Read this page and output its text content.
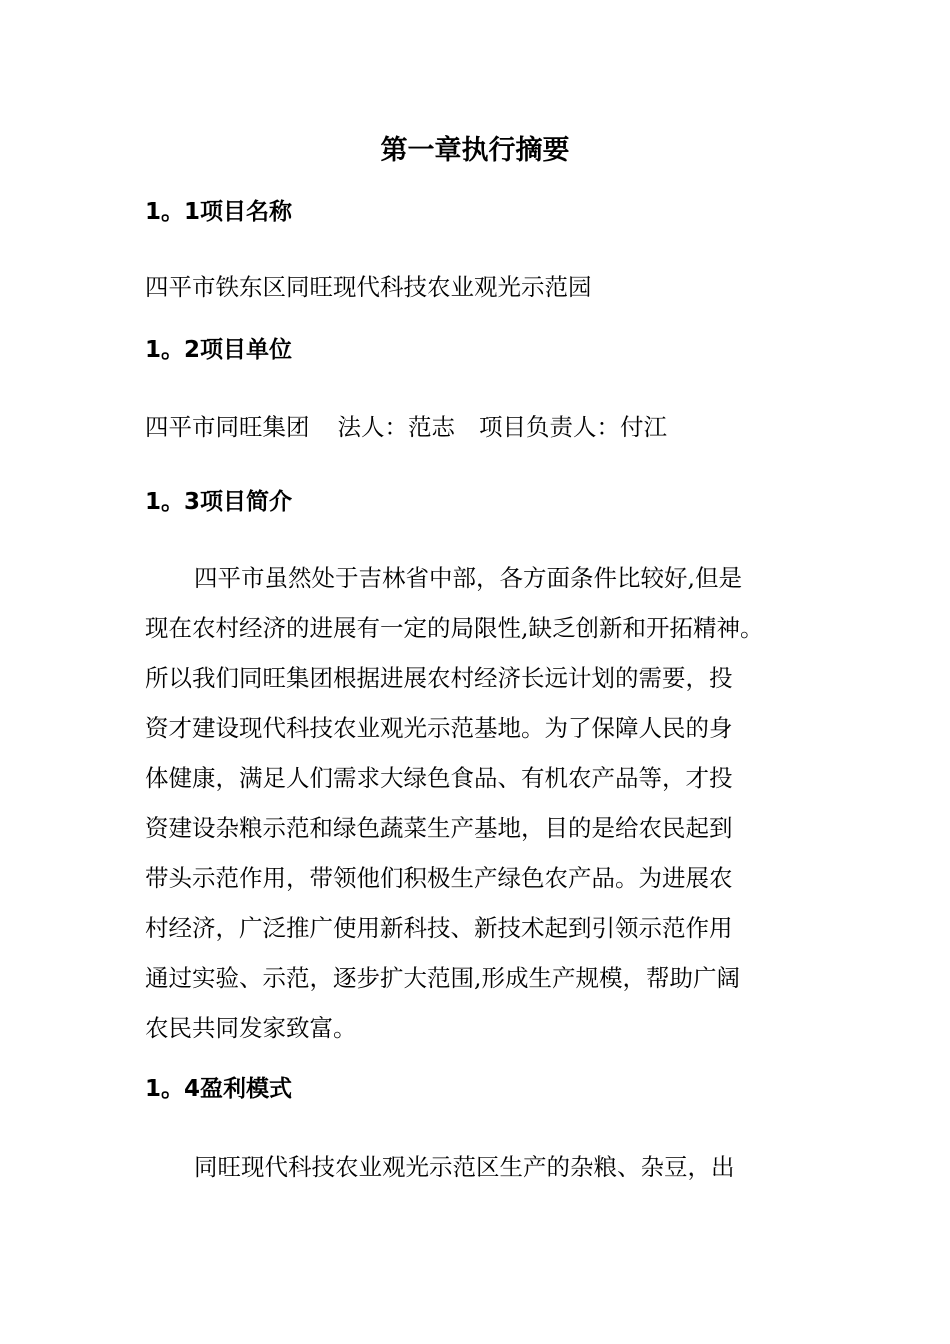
第一章执行摘要
1。1项目名称
四平市铁东区同旺现代科技农业观光示范园
1。2项目单位
四平市同旺集团 法人：范志 项目负责人：付江
1。3项目简介
四平市虽然处于吉林省中部，各方面条件比较好,但是
现在农村经济的进展有一定的局限性,缺乏创新和开拓精神。
所以我们同旺集团根据进展农村经济长远计划的需要，投
资才建设现代科技农业观光示范基地。为了保障人民的身
体健康，满足人们需求大绿色食品、有机农产品等，才投
资建设杂粮示范和绿色蔬菜生产基地，目的是给农民起到
带头示范作用，带领他们积极生产绿色农产品。为进展农
村经济，广泛推广使用新科技、新技术起到引领示范作用
通过实验、示范，逐步扩大范围,形成生产规模，帮助广阔
农民共同发家致富。
1。4盈利模式
同旺现代科技农业观光示范区生产的杂粮、杂豆，出
